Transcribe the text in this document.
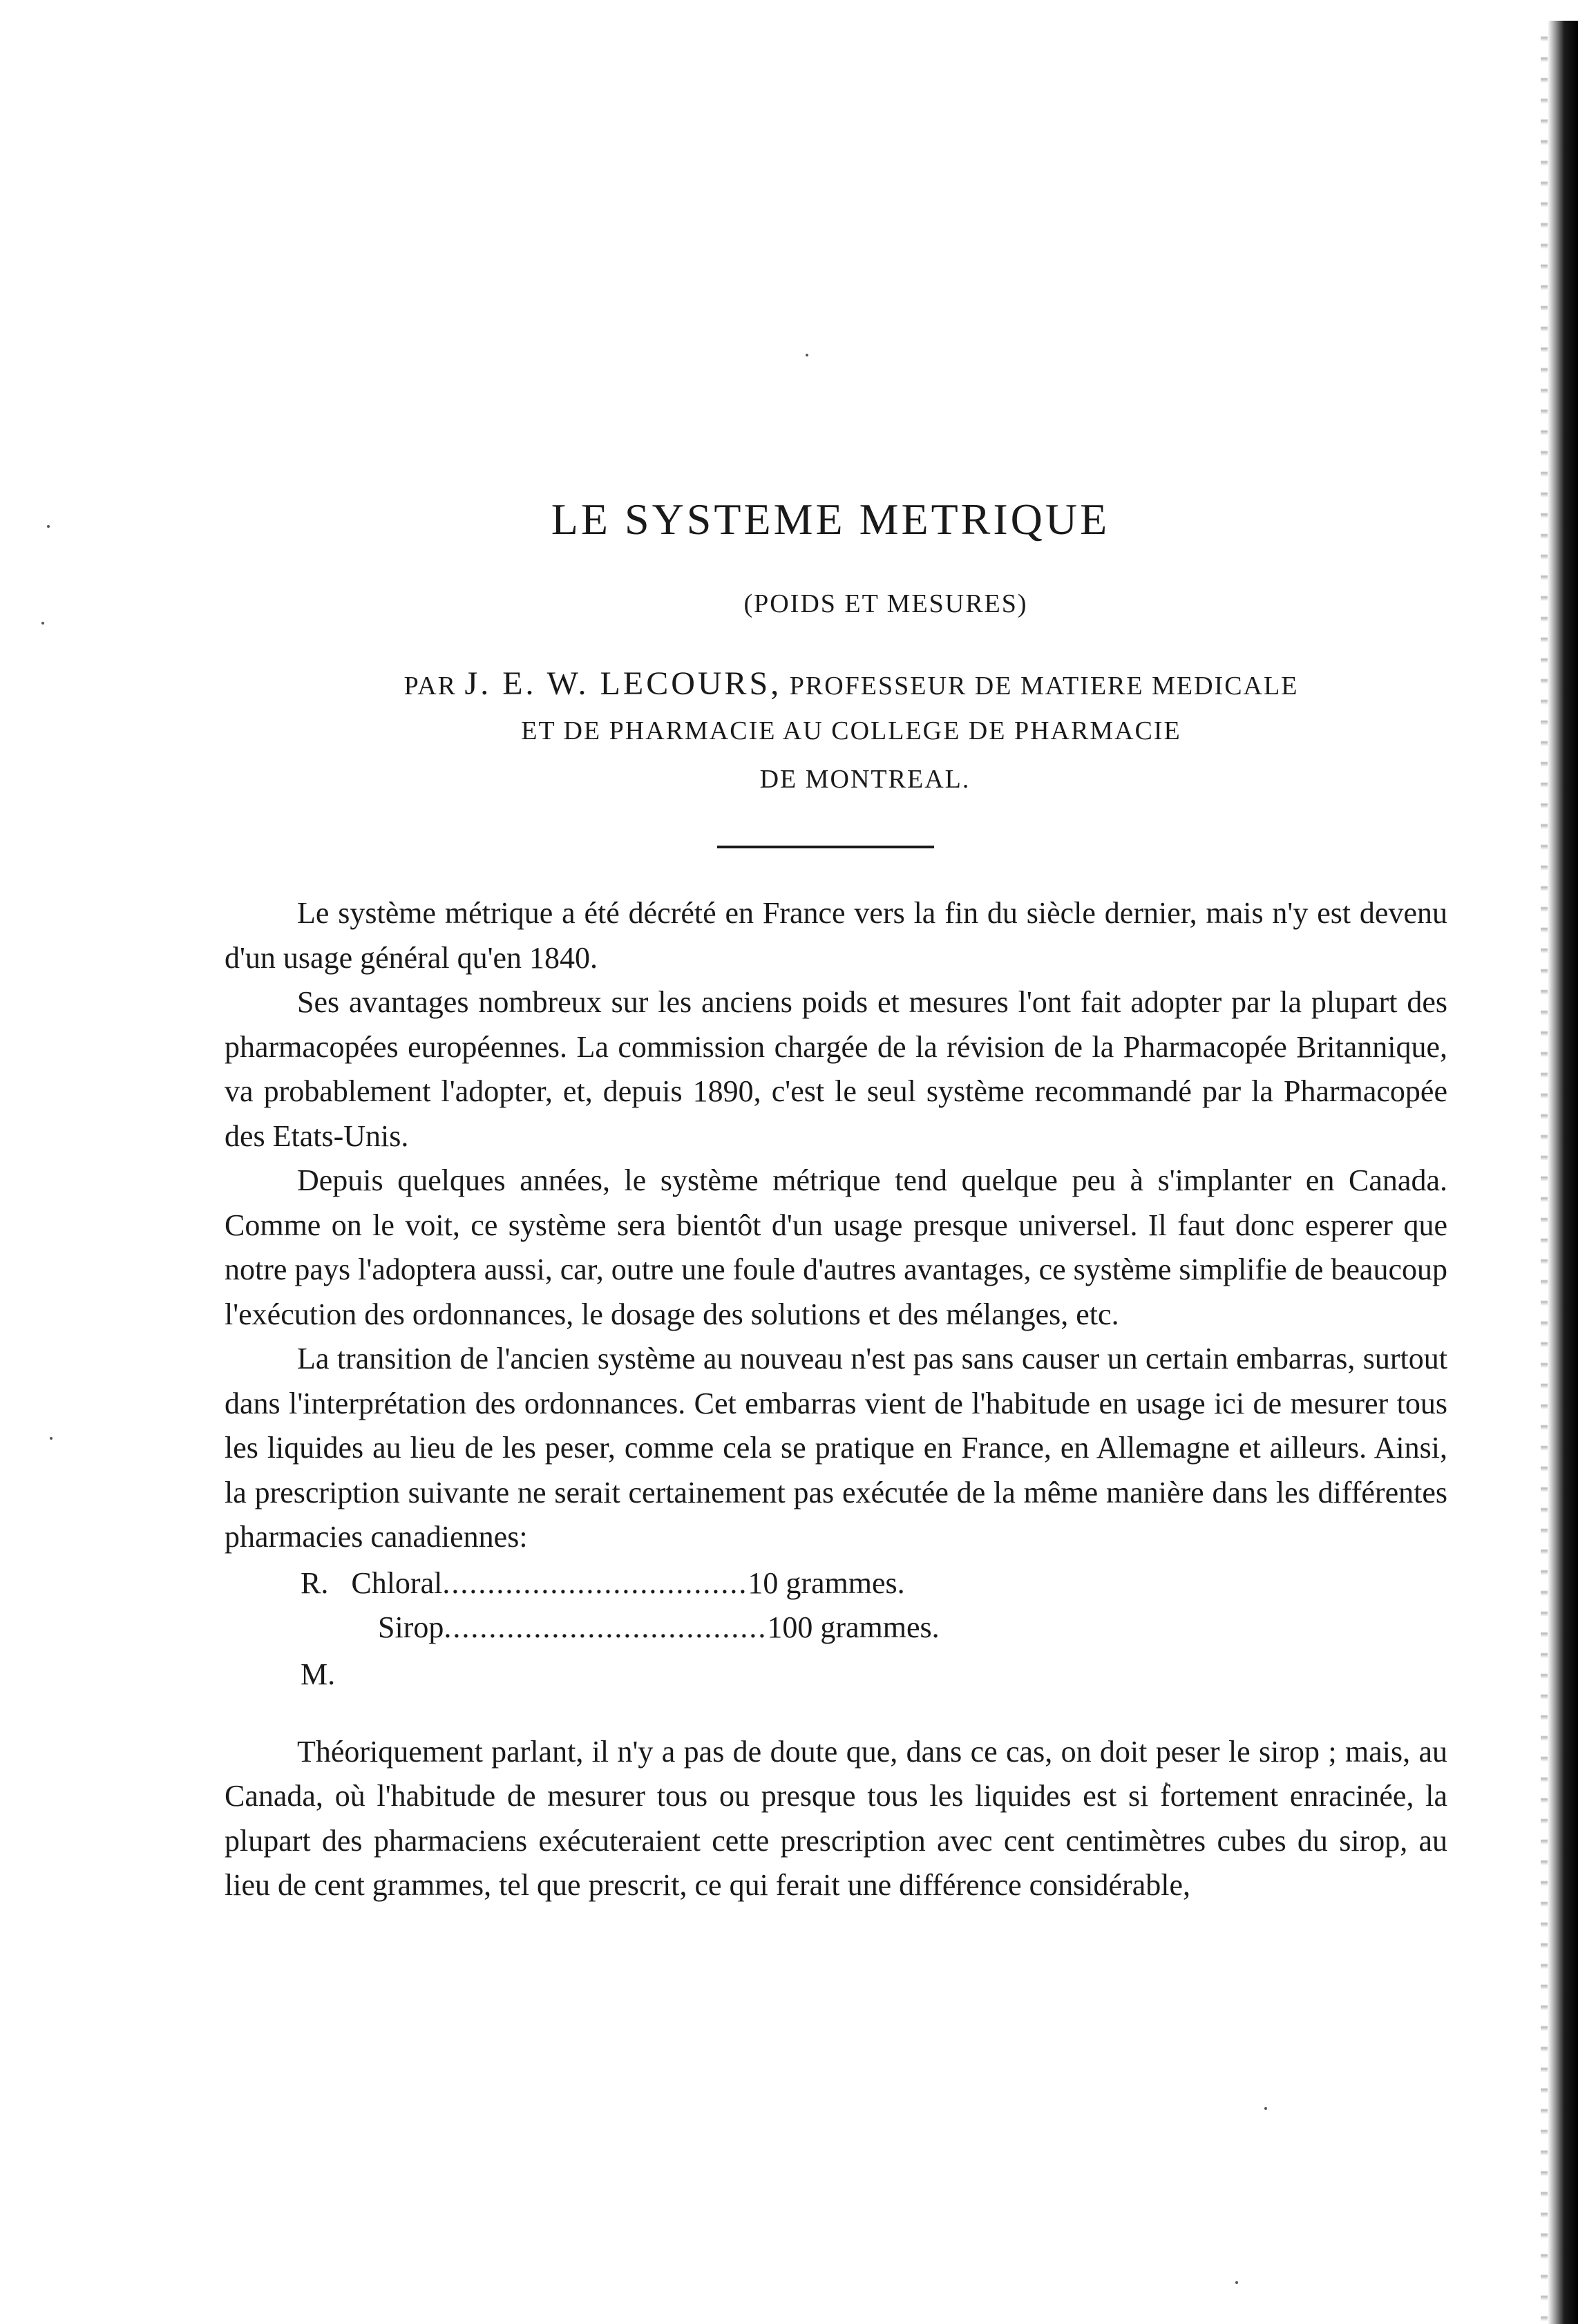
LE SYSTEME METRIQUE
(POIDS ET MESURES)
PAR J. E. W. LECOURS, PROFESSEUR DE MATIERE MEDICALE
ET DE PHARMACIE AU COLLEGE DE PHARMACIE
DE MONTREAL.

Le système métrique a été décrété en France vers la fin du siècle dernier, mais n'y est devenu d'un usage général qu'en 1840.

Ses avantages nombreux sur les anciens poids et mesures l'ont fait adopter par la plupart des pharmacopées européennes. La commission chargée de la révision de la Pharmacopée Britannique, va probablement l'adopter, et, depuis 1890, c'est le seul système recommandé par la Pharmacopée des Etats-Unis.

Depuis quelques années, le système métrique tend quelque peu à s'implanter en Canada. Comme on le voit, ce système sera bientôt d'un usage presque universel. Il faut donc esperer que notre pays l'adoptera aussi, car, outre une foule d'autres avantages, ce système simplifie de beaucoup l'exécution des ordonnances, le dosage des solutions et des mélanges, etc.

La transition de l'ancien système au nouveau n'est pas sans causer un certain embarras, surtout dans l'interprétation des ordonnances. Cet embarras vient de l'habitude en usage ici de mesurer tous les liquides au lieu de les peser, comme cela se pratique en France, en Allemagne et ailleurs. Ainsi, la prescription suivante ne serait certainement pas exécutée de la même manière dans les différentes pharmacies canadiennes:

R. Chloral..................................10 grammes.
Sirop....................................100 grammes.
M.

Théoriquement parlant, il n'y a pas de doute que, dans ce cas, on doit peser le sirop ; mais, au Canada, où l'habitude de mesurer tous ou presque tous les liquides est si fortement enracinée, la plupart des pharmaciens exécuteraient cette prescription avec cent centimètres cubes du sirop, au lieu de cent grammes, tel que prescrit, ce qui ferait une différence considérable,
